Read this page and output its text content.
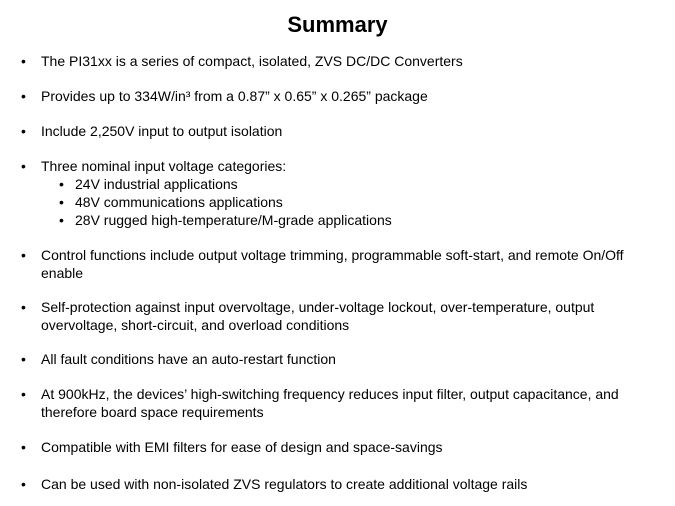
Summary
•	The PI31xx is a series of compact, isolated, ZVS DC/DC Converters
•	Provides up to 334W/in³ from a 0.87” x 0.65” x 0.265” package
•	Include 2,250V input to output isolation
•	Three nominal input voltage categories:
• 24V industrial applications
• 48V communications applications
• 28V rugged high-temperature/M-grade applications
•	Control functions include output voltage trimming, programmable soft-start, and remote On/Off enable
•	Self-protection against input overvoltage, under-voltage lockout, over-temperature, output overvoltage, short-circuit, and overload conditions
•	All fault conditions have an auto-restart function
•	At 900kHz, the devices’ high-switching frequency reduces input filter, output capacitance, and therefore board space requirements
•	Compatible with EMI filters for ease of design and space-savings
•	Can be used with non-isolated ZVS regulators to create additional voltage rails
